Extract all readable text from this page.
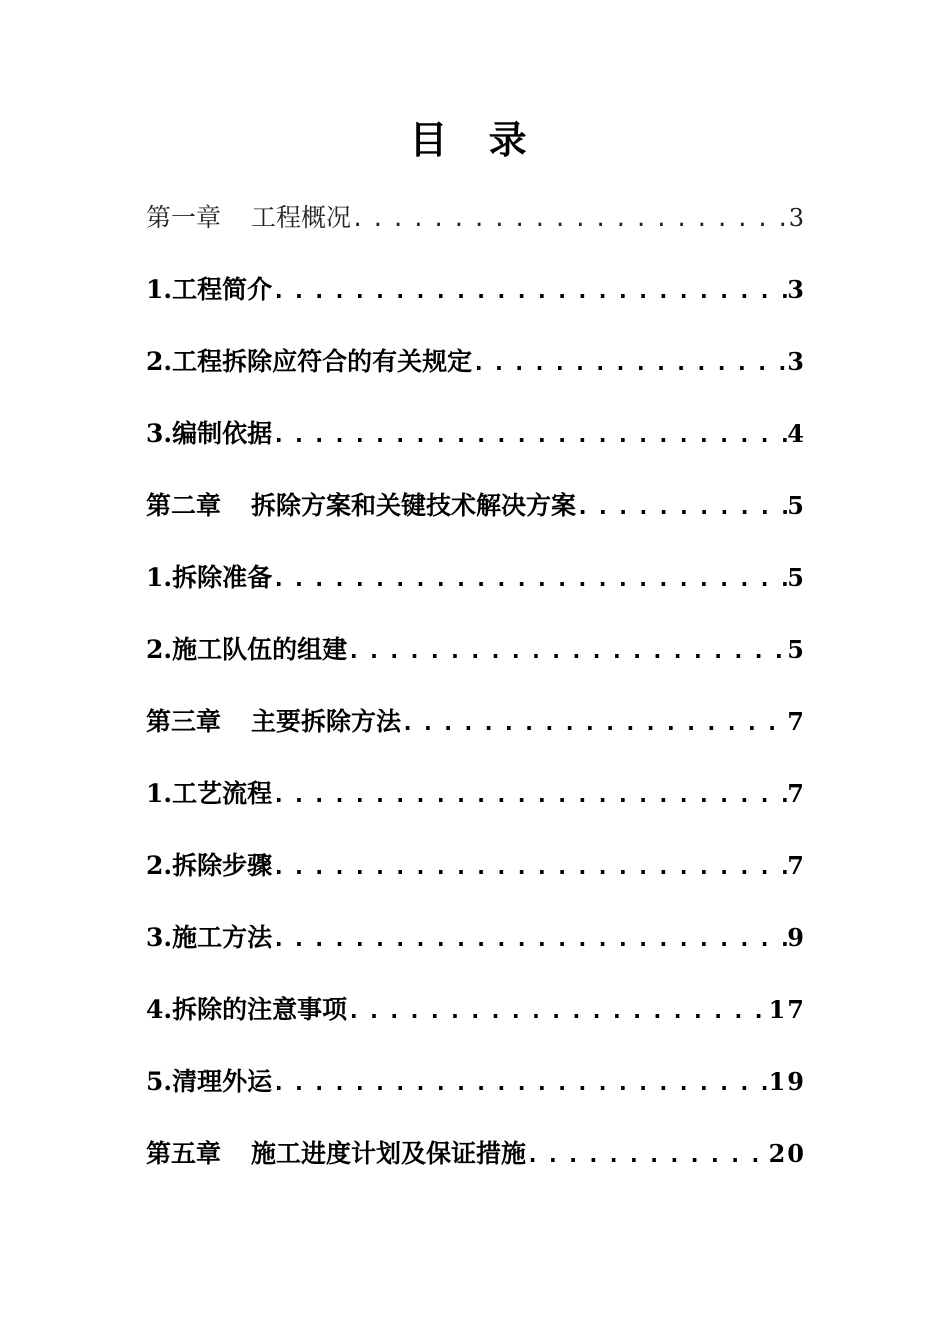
目 录
第一章 工程概况 .....	3
1.工程简介 .....	3
2.工程拆除应符合的有关规定 .....	3
3.编制依据 .....	4
第二章 拆除方案和关键技术解决方案 .....	5
1.拆除准备 .....	5
2.施工队伍的组建 .....	5
第三章 主要拆除方法 .....	7
1.工艺流程 .....	7
2.拆除步骤 .....	7
3.施工方法 .....	9
4.拆除的注意事项 .....	17
5.清理外运 .....	19
第五章 施工进度计划及保证措施 .....	20
